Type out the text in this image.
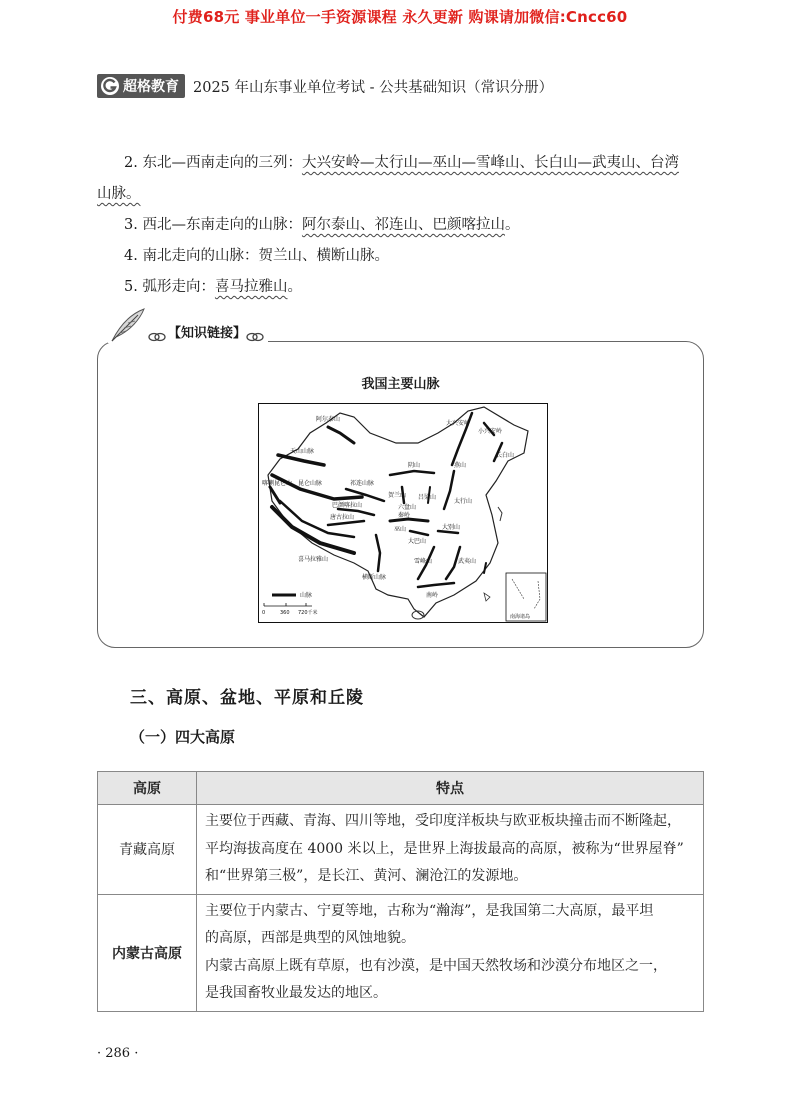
付费68元 事业单位一手资源课程 永久更新 购课请加微信:Cncc60
超格教育 2025 年山东事业单位考试 - 公共基础知识（常识分册）

2. 东北—西南走向的三列：大兴安岭—太行山—巫山—雪峰山、长白山—武夷山、台湾

山脉。

3. 西北—东南走向的山脉：阿尔泰山、祁连山、巴颜喀拉山。

4. 南北走向的山脉：贺兰山、横断山脉。

5. 弧形走向：喜马拉雅山。

【知识链接】
我国主要山脉
阿尔泰山
天山山脉
昆仑山脉
喀喇昆仑山
喜马拉雅山
唐古拉山
巴颜喀拉山
祁连山脉
阴山	燕山
太行山
吕梁山
秦岭
大巴山
巫山	大别山
横断山脉
雪峰山	武夷山
南岭
大兴安岭
小兴安岭
长白山
贺兰山
六盘山
山脉
0	360 720千米
南海诸岛
三、高原、盆地、平原和丘陵
（一）四大高原
高原	特点
青藏高原	主要位于西藏、青海、四川等地，受印度洋板块与欧亚板块撞击而不断隆起，
平均海拔高度在 4000 米以上，是世界上海拔最高的高原，被称为“世界屋脊”
和“世界第三极”，是长江、黄河、澜沧江的发源地。

内蒙古高原	主要位于内蒙古、宁夏等地，古称为“瀚海”，是我国第二大高原，最平坦
的高原，西部是典型的风蚀地貌。
内蒙古高原上既有草原，也有沙漠，是中国天然牧场和沙漠分布地区之一，
是我国畜牧业最发达的地区。
· 286 ·
